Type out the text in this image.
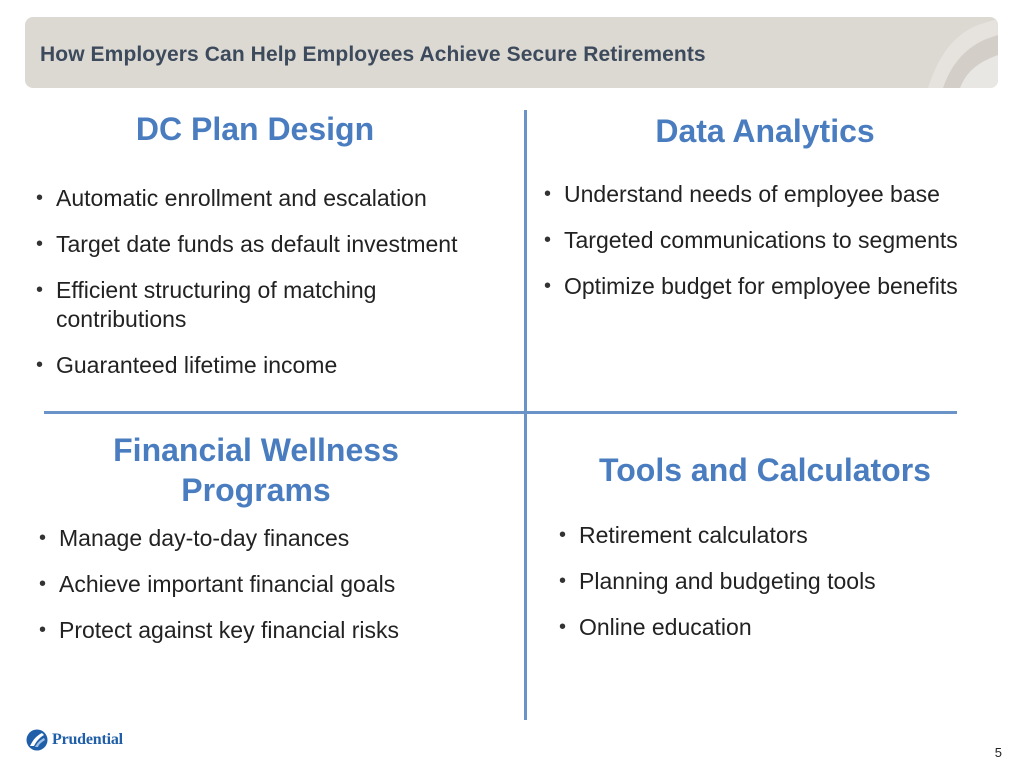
How Employers Can Help Employees Achieve Secure Retirements
DC Plan Design
• Automatic enrollment and escalation
• Target date funds as default investment
• Efficient structuring of matching contributions
• Guaranteed lifetime income
Data Analytics
• Understand needs of employee base
• Targeted communications to segments
• Optimize budget for employee benefits
Financial Wellness
Programs
• Manage day-to-day finances
• Achieve important financial goals
• Protect against key financial risks
Tools and Calculators
• Retirement calculators
• Planning and budgeting tools
• Online education
Prudential
5
